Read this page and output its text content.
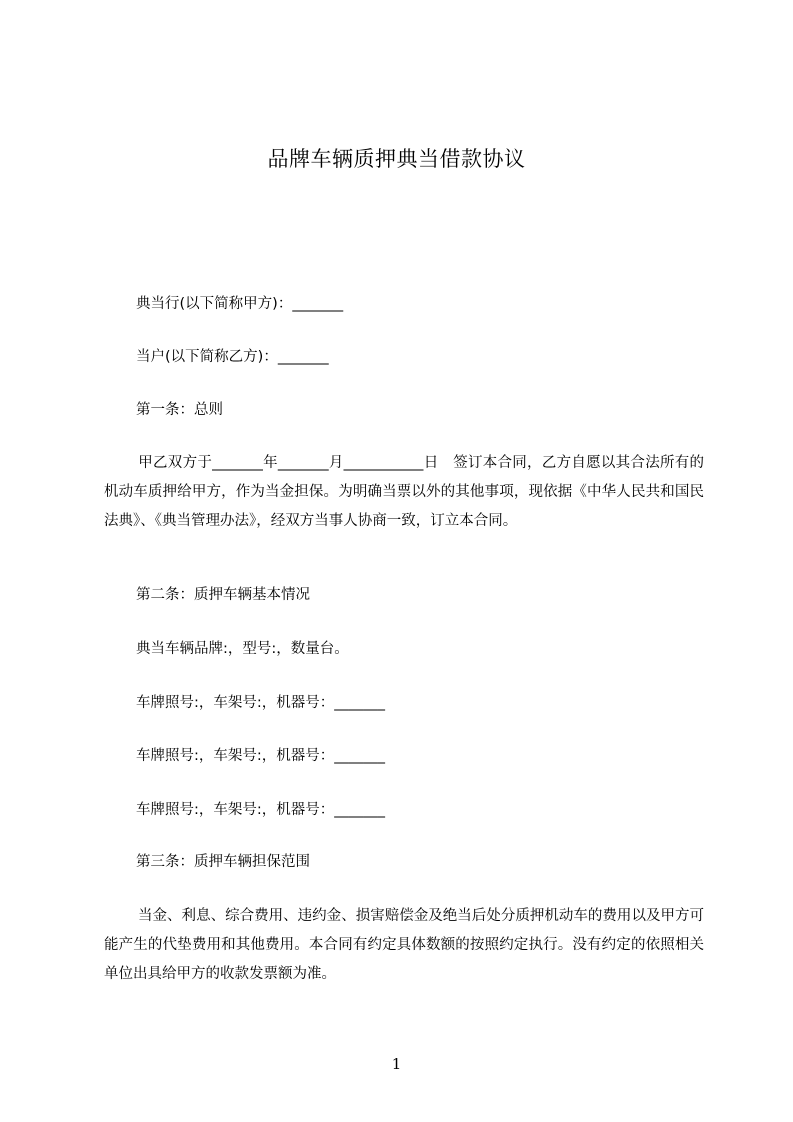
品牌车辆质押典当借款协议
典当行(以下简称甲方)：_______
当户(以下简称乙方)：_______
第一条：总则
甲乙双方于_______年_______月___________日　签订本合同，乙方自愿以其合法所有的机动车质押给甲方，作为当金担保。为明确当票以外的其他事项，现依据《中华人民共和国民法典》、《典当管理办法》，经双方当事人协商一致，订立本合同。
第二条：质押车辆基本情况
典当车辆品牌:，型号:，数量台。
车牌照号:，车架号:，机器号：_______
车牌照号:，车架号:，机器号：_______
车牌照号:，车架号:，机器号：_______
第三条：质押车辆担保范围
当金、利息、综合费用、违约金、损害赔偿金及绝当后处分质押机动车的费用以及甲方可能产生的代垫费用和其他费用。本合同有约定具体数额的按照约定执行。没有约定的依照相关单位出具给甲方的收款发票额为准。
1
